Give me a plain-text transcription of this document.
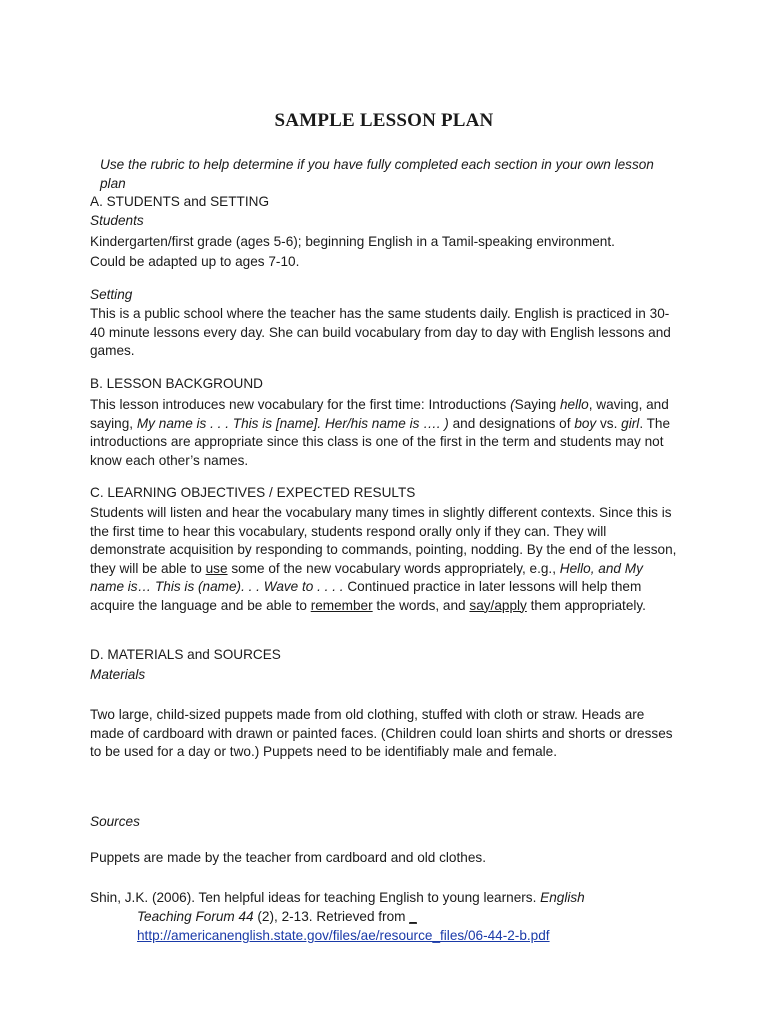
SAMPLE LESSON PLAN
Use the rubric to help determine if you have fully completed each section in your own lesson plan
A. STUDENTS and SETTING
Students
Kindergarten/first grade (ages 5-6); beginning English in a Tamil-speaking environment.
Could be adapted up to ages 7-10.
Setting
This is a public school where the teacher has the same students daily. English is practiced in 30-40 minute lessons every day. She can build vocabulary from day to day with English lessons and games.
B. LESSON BACKGROUND
This lesson introduces new vocabulary for the first time: Introductions (Saying hello, waving, and saying, My name is . . . This is [name]. Her/his name is …. ) and designations of boy vs. girl. The introductions are appropriate since this class is one of the first in the term and students may not know each other’s names.
C. LEARNING OBJECTIVES / EXPECTED RESULTS
Students will listen and hear the vocabulary many times in slightly different contexts. Since this is the first time to hear this vocabulary, students respond orally only if they can. They will demonstrate acquisition by responding to commands, pointing, nodding. By the end of the lesson, they will be able to use some of the new vocabulary words appropriately, e.g., Hello, and My name is… This is (name). . . Wave to . . . . Continued practice in later lessons will help them acquire the language and be able to remember the words, and say/apply them appropriately.
D. MATERIALS and SOURCES
Materials
Two large, child-sized puppets made from old clothing, stuffed with cloth or straw. Heads are made of cardboard with drawn or painted faces. (Children could loan shirts and shorts or dresses to be used for a day or two.) Puppets need to be identifiably male and female.
Sources
Puppets are made by the teacher from cardboard and old clothes.
Shin, J.K. (2006). Ten helpful ideas for teaching English to young learners. English
Teaching Forum 44 (2), 2-13. Retrieved from _
http://americanenglish.state.gov/files/ae/resource_files/06-44-2-b.pdf
